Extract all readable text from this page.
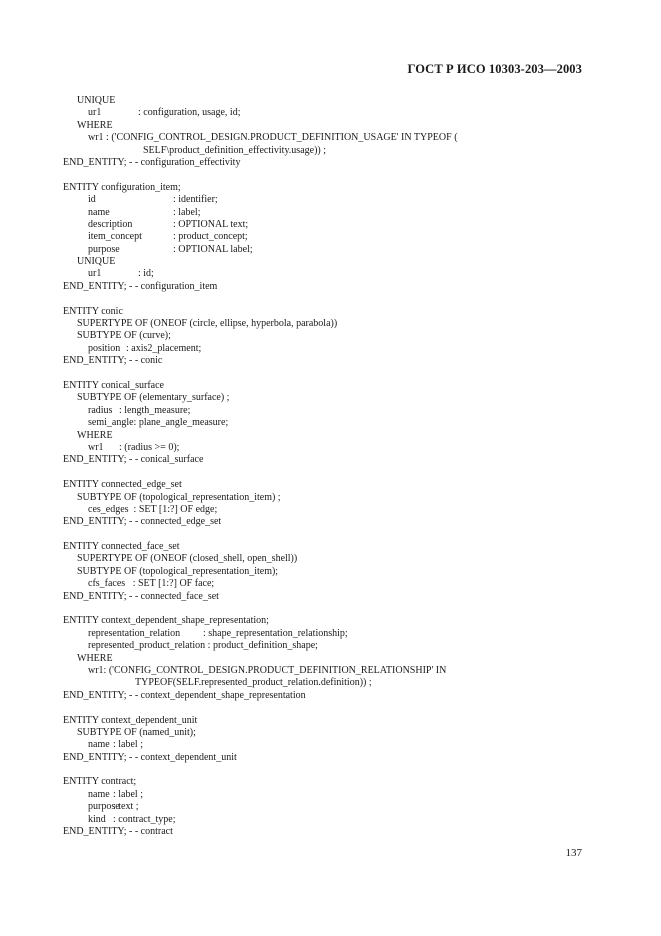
ГОСТ Р ИСО 10303-203—2003
UNIQUE
ur1	: configuration, usage, id;
WHERE
wr1 : ('CONFIG_CONTROL_DESIGN.PRODUCT_DEFINITION_USAGE' IN TYPEOF (
SELF\product_definition_effectivity.usage)) ;
END_ENTITY; - - configuration_effectivity
ENTITY configuration_item;
id	: identifier;
name	: label;
description	: OPTIONAL text;
item_concept	: product_concept;
purpose	: OPTIONAL label;
UNIQUE
ur1	: id;
END_ENTITY; - - configuration_item
ENTITY conic
SUPERTYPE OF (ONEOF (circle, ellipse, hyperbola, parabola))
SUBTYPE OF (curve);
position : axis2_placement;
END_ENTITY; - - conic
ENTITY conical_surface
SUBTYPE OF (elementary_surface) ;
radius : length_measure;
semi_angle: plane_angle_measure;
WHERE
wr1 : (radius >= 0);
END_ENTITY; - - conical_surface
ENTITY connected_edge_set
SUBTYPE OF (topological_representation_item) ;
ces_edges  : SET [1:?] OF edge;
END_ENTITY; - - connected_edge_set
ENTITY connected_face_set
SUPERTYPE OF (ONEOF (closed_shell, open_shell))
SUBTYPE OF (topological_representation_item);
cfs_faces   : SET [1:?] OF face;
END_ENTITY; - - connected_face_set
ENTITY context_dependent_shape_representation;
representation_relation : shape_representation_relationship;
represented_product_relation : product_definition_shape;
WHERE
wr1: ('CONFIG_CONTROL_DESIGN.PRODUCT_DEFINITION_RELATIONSHIP' IN
TYPEOF(SELF.represented_product_relation.definition)) ;
END_ENTITY; - - context_dependent_shape_representation
ENTITY context_dependent_unit
SUBTYPE OF (named_unit);
name : label ;
END_ENTITY; - - context_dependent_unit
ENTITY contract;
name : label ;
purpose
: text ;
kind : contract_type;
END_ENTITY; - - contract
137
